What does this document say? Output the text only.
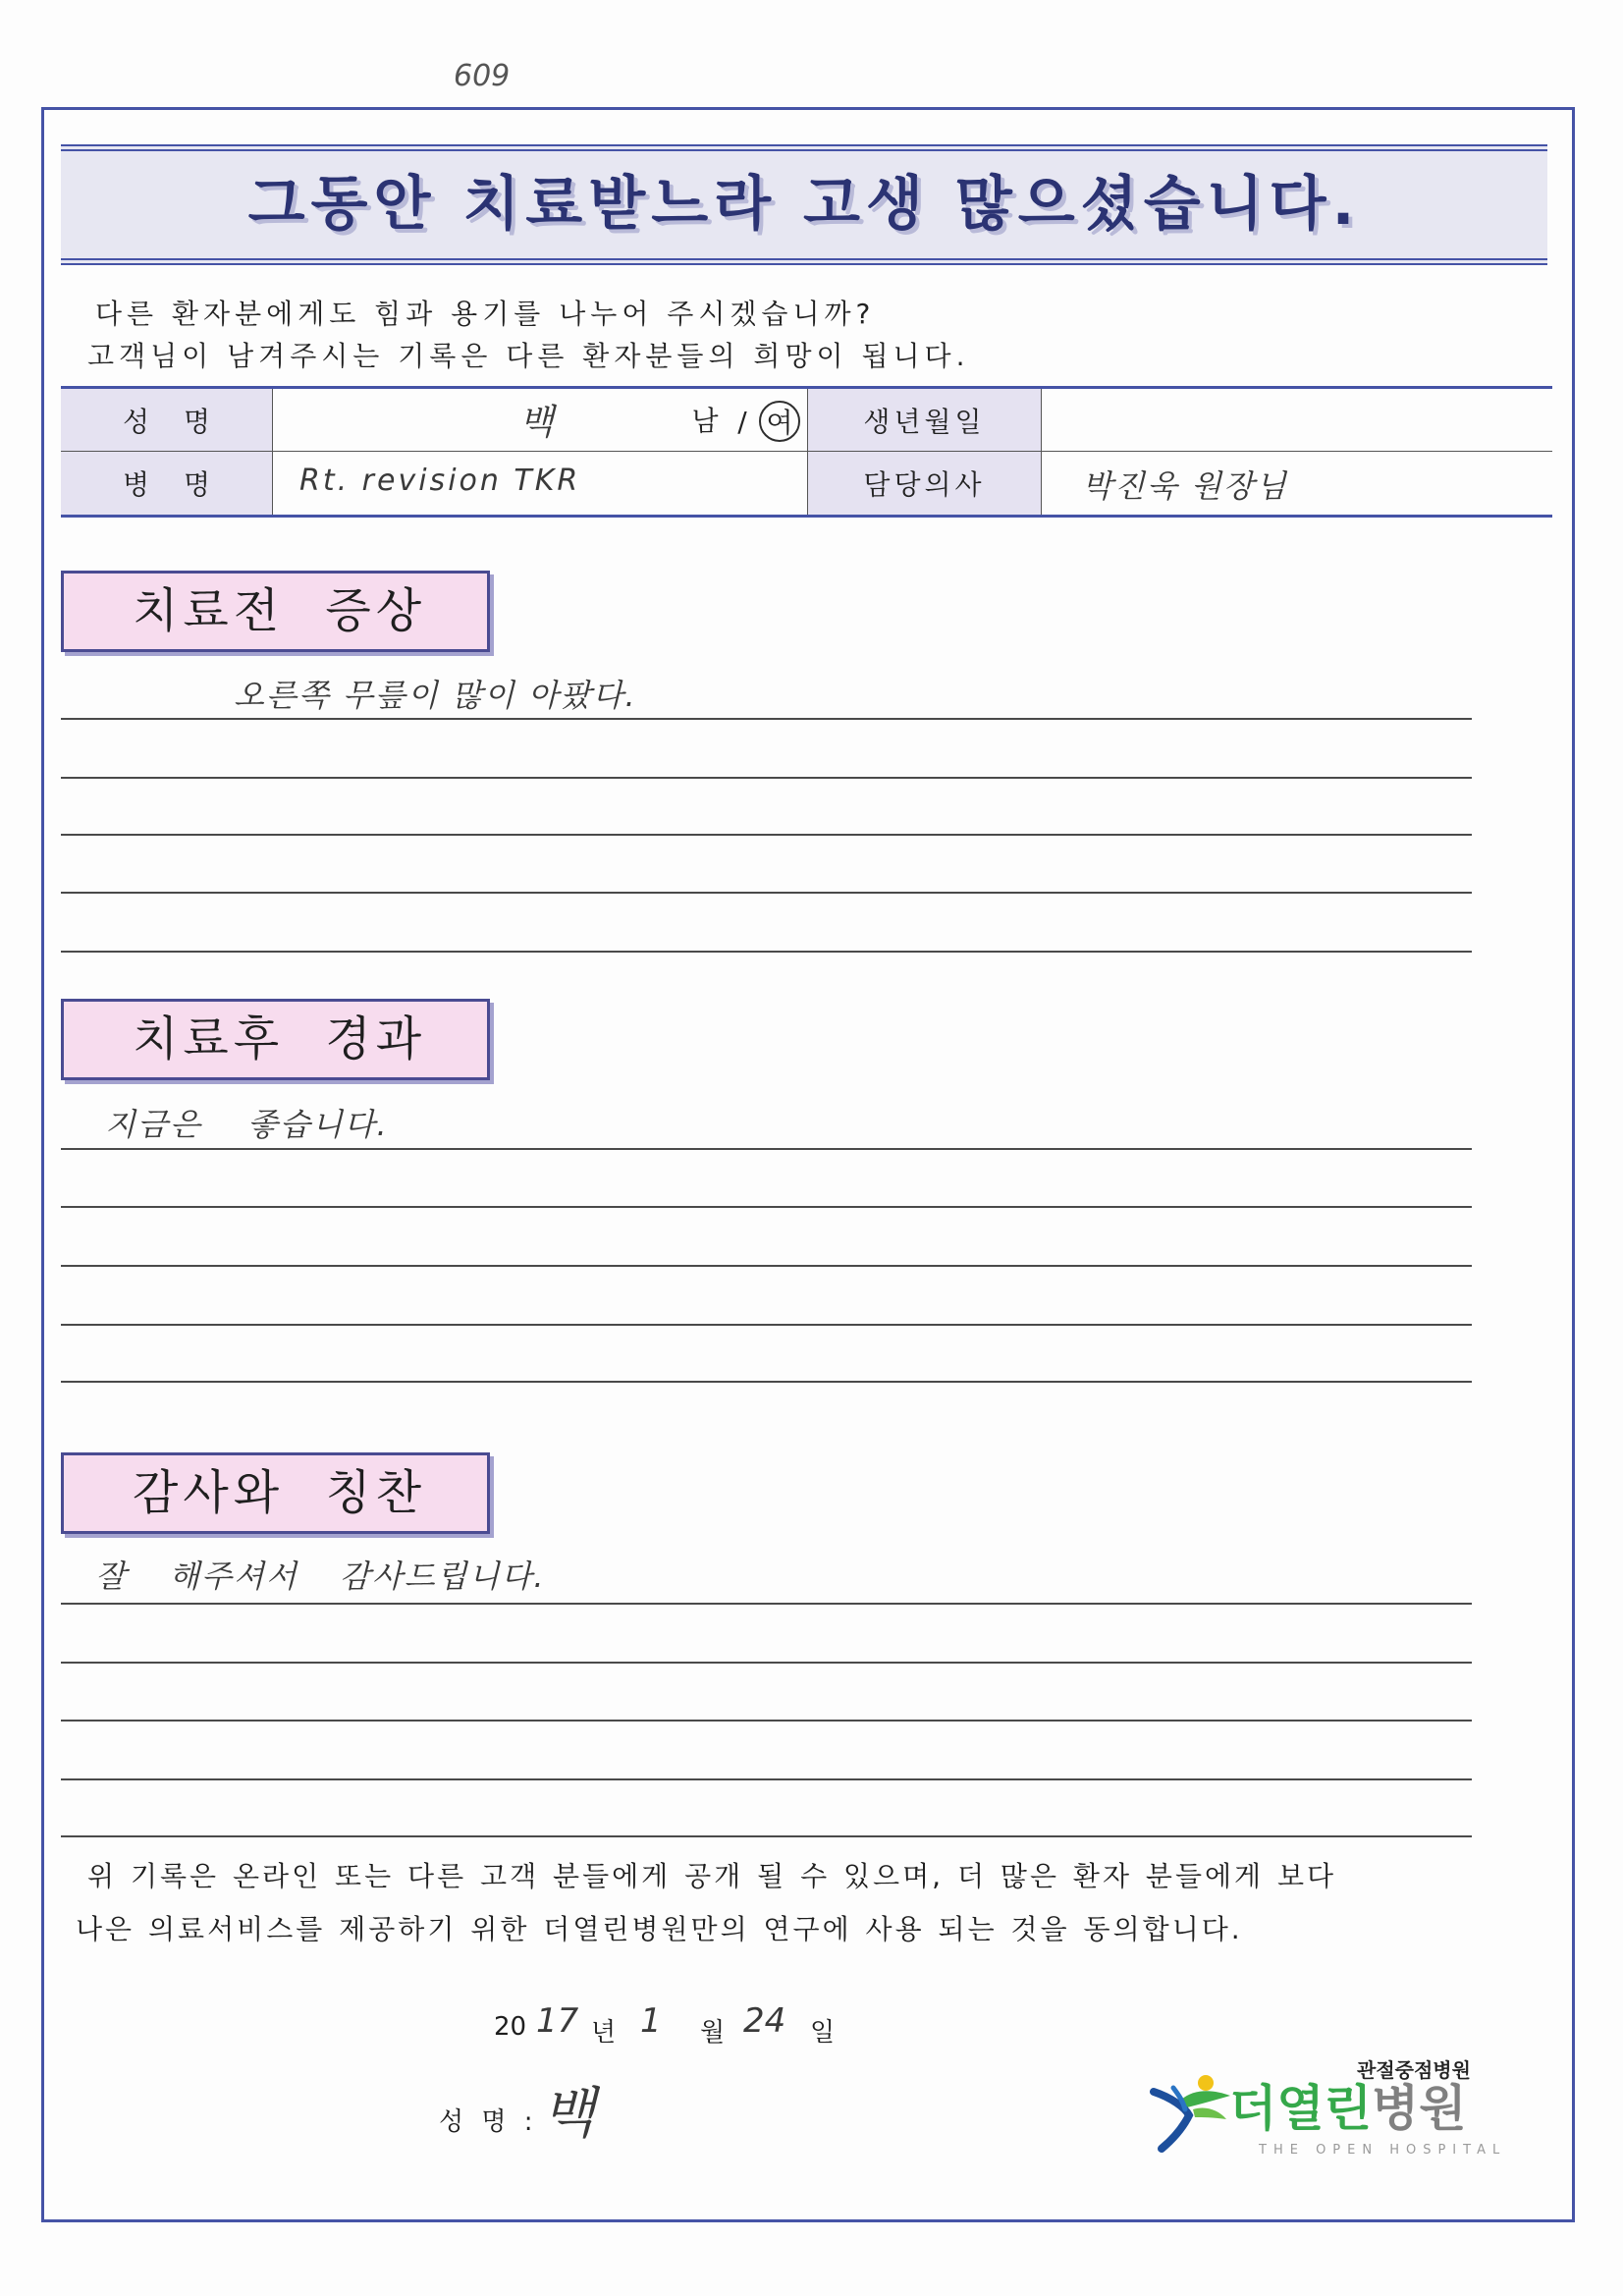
609
그동안 치료받느라 고생 많으셨습니다.
다른 환자분에게도 힘과 용기를 나누어 주시겠습니까?
고객님이 남겨주시는 기록은 다른 환자분들의 희망이 됩니다.
성 명	백	남 / 여	생년월일
병 명	Rt. revision TKR	담당의사	박진욱 원장님
치료전 증상
오른쪽 무릎이 많이 아팠다.
치료후 경과
지금은 좋습니다.
감사와 칭찬
잘 해주셔서 감사드립니다.
위 기록은 온라인 또는 다른 고객 분들에게 공개 될 수 있으며, 더 많은 환자 분들에게 보다
나은 의료서비스를 제공하기 위한 더열린병원만의 연구에 사용 되는 것을 동의합니다.
20 17 년 1 월 24 일
성 명 : 백
관절중점병원
더열린병원
THE OPEN HOSPITAL
